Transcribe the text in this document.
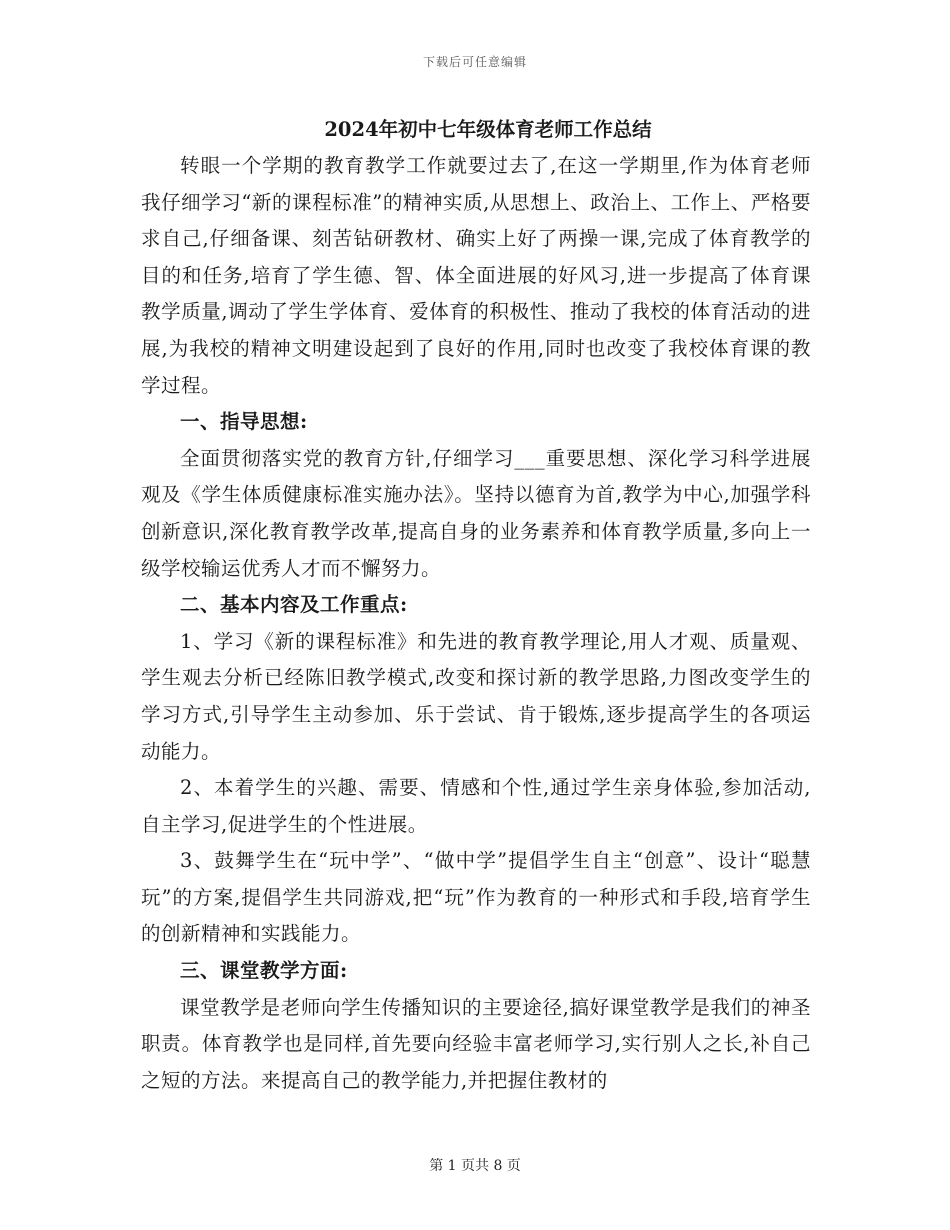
下载后可任意编辑
2024年初中七年级体育老师工作总结

转眼一个学期的教育教学工作就要过去了,在这一学期里,作为体育老师我仔细学习“新的课程标准”的精神实质,从思想上、政治上、工作上、严格要求自己,仔细备课、刻苦钻研教材、确实上好了两操一课,完成了体育教学的目的和任务,培育了学生德、智、体全面进展的好风习,进一步提高了体育课教学质量,调动了学生学体育、爱体育的积极性、推动了我校的体育活动的进展,为我校的精神文明建设起到了良好的作用,同时也改变了我校体育课的教学过程。

一、指导思想:

全面贯彻落实党的教育方针,仔细学习___重要思想、深化学习科学进展观及《学生体质健康标准实施办法》。坚持以德育为首,教学为中心,加强学科创新意识,深化教育教学改革,提高自身的业务素养和体育教学质量,多向上一级学校输运优秀人才而不懈努力。

二、基本内容及工作重点:

1、学习《新的课程标准》和先进的教育教学理论,用人才观、质量观、学生观去分析已经陈旧教学模式,改变和探讨新的教学思路,力图改变学生的学习方式,引导学生主动参加、乐于尝试、肯于锻炼,逐步提高学生的各项运动能力。

2、本着学生的兴趣、需要、情感和个性,通过学生亲身体验,参加活动,自主学习,促进学生的个性进展。

3、鼓舞学生在“玩中学”、“做中学”提倡学生自主“创意”、设计“聪慧玩”的方案,提倡学生共同游戏,把“玩”作为教育的一种形式和手段,培育学生的创新精神和实践能力。

三、课堂教学方面:

课堂教学是老师向学生传播知识的主要途径,搞好课堂教学是我们的神圣职责。体育教学也是同样,首先要向经验丰富老师学习,实行别人之长,补自己之短的方法。来提高自己的教学能力,并把握住教材的

第 1 页共 8 页
